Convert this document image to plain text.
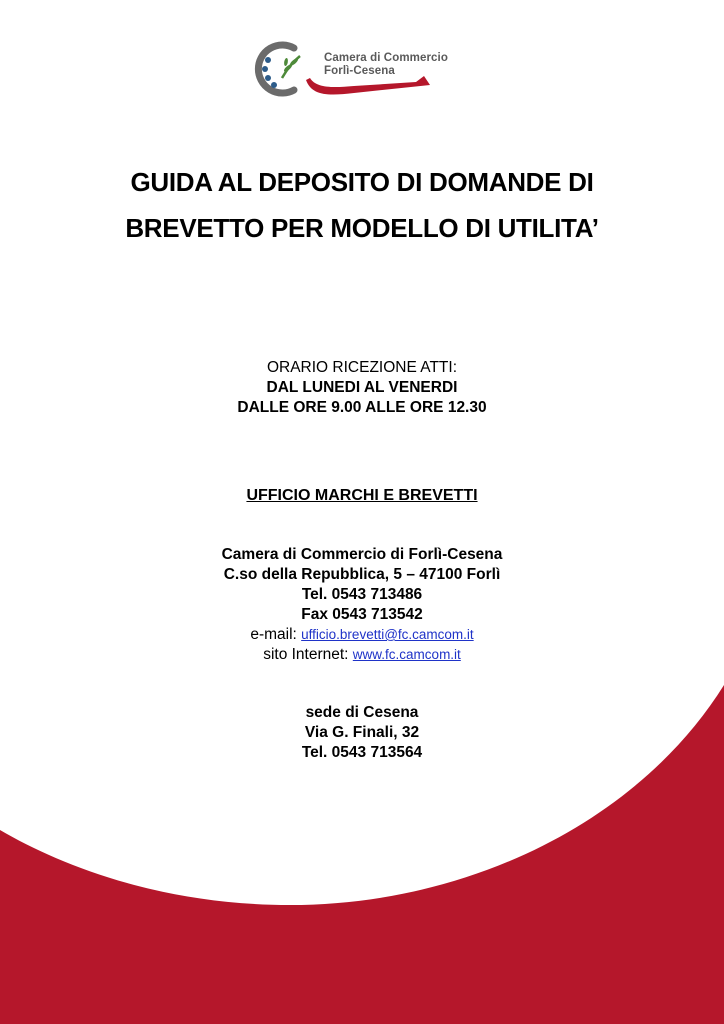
Camera di Commercio
Forlì-Cesena
GUIDA AL DEPOSITO DI DOMANDE DI
BREVETTO PER MODELLO DI UTILITA’
ORARIO RICEZIONE ATTI:
DAL LUNEDI AL VENERDI
DALLE ORE 9.00 ALLE ORE 12.30
UFFICIO MARCHI E BREVETTI
Camera di Commercio di Forlì-Cesena
C.so della Repubblica, 5 – 47100 Forlì
Tel. 0543 713486
Fax 0543 713542
e-mail: ufficio.brevetti@fc.camcom.it
sito Internet: www.fc.camcom.it
sede di Cesena
Via G. Finali, 32
Tel. 0543 713564
